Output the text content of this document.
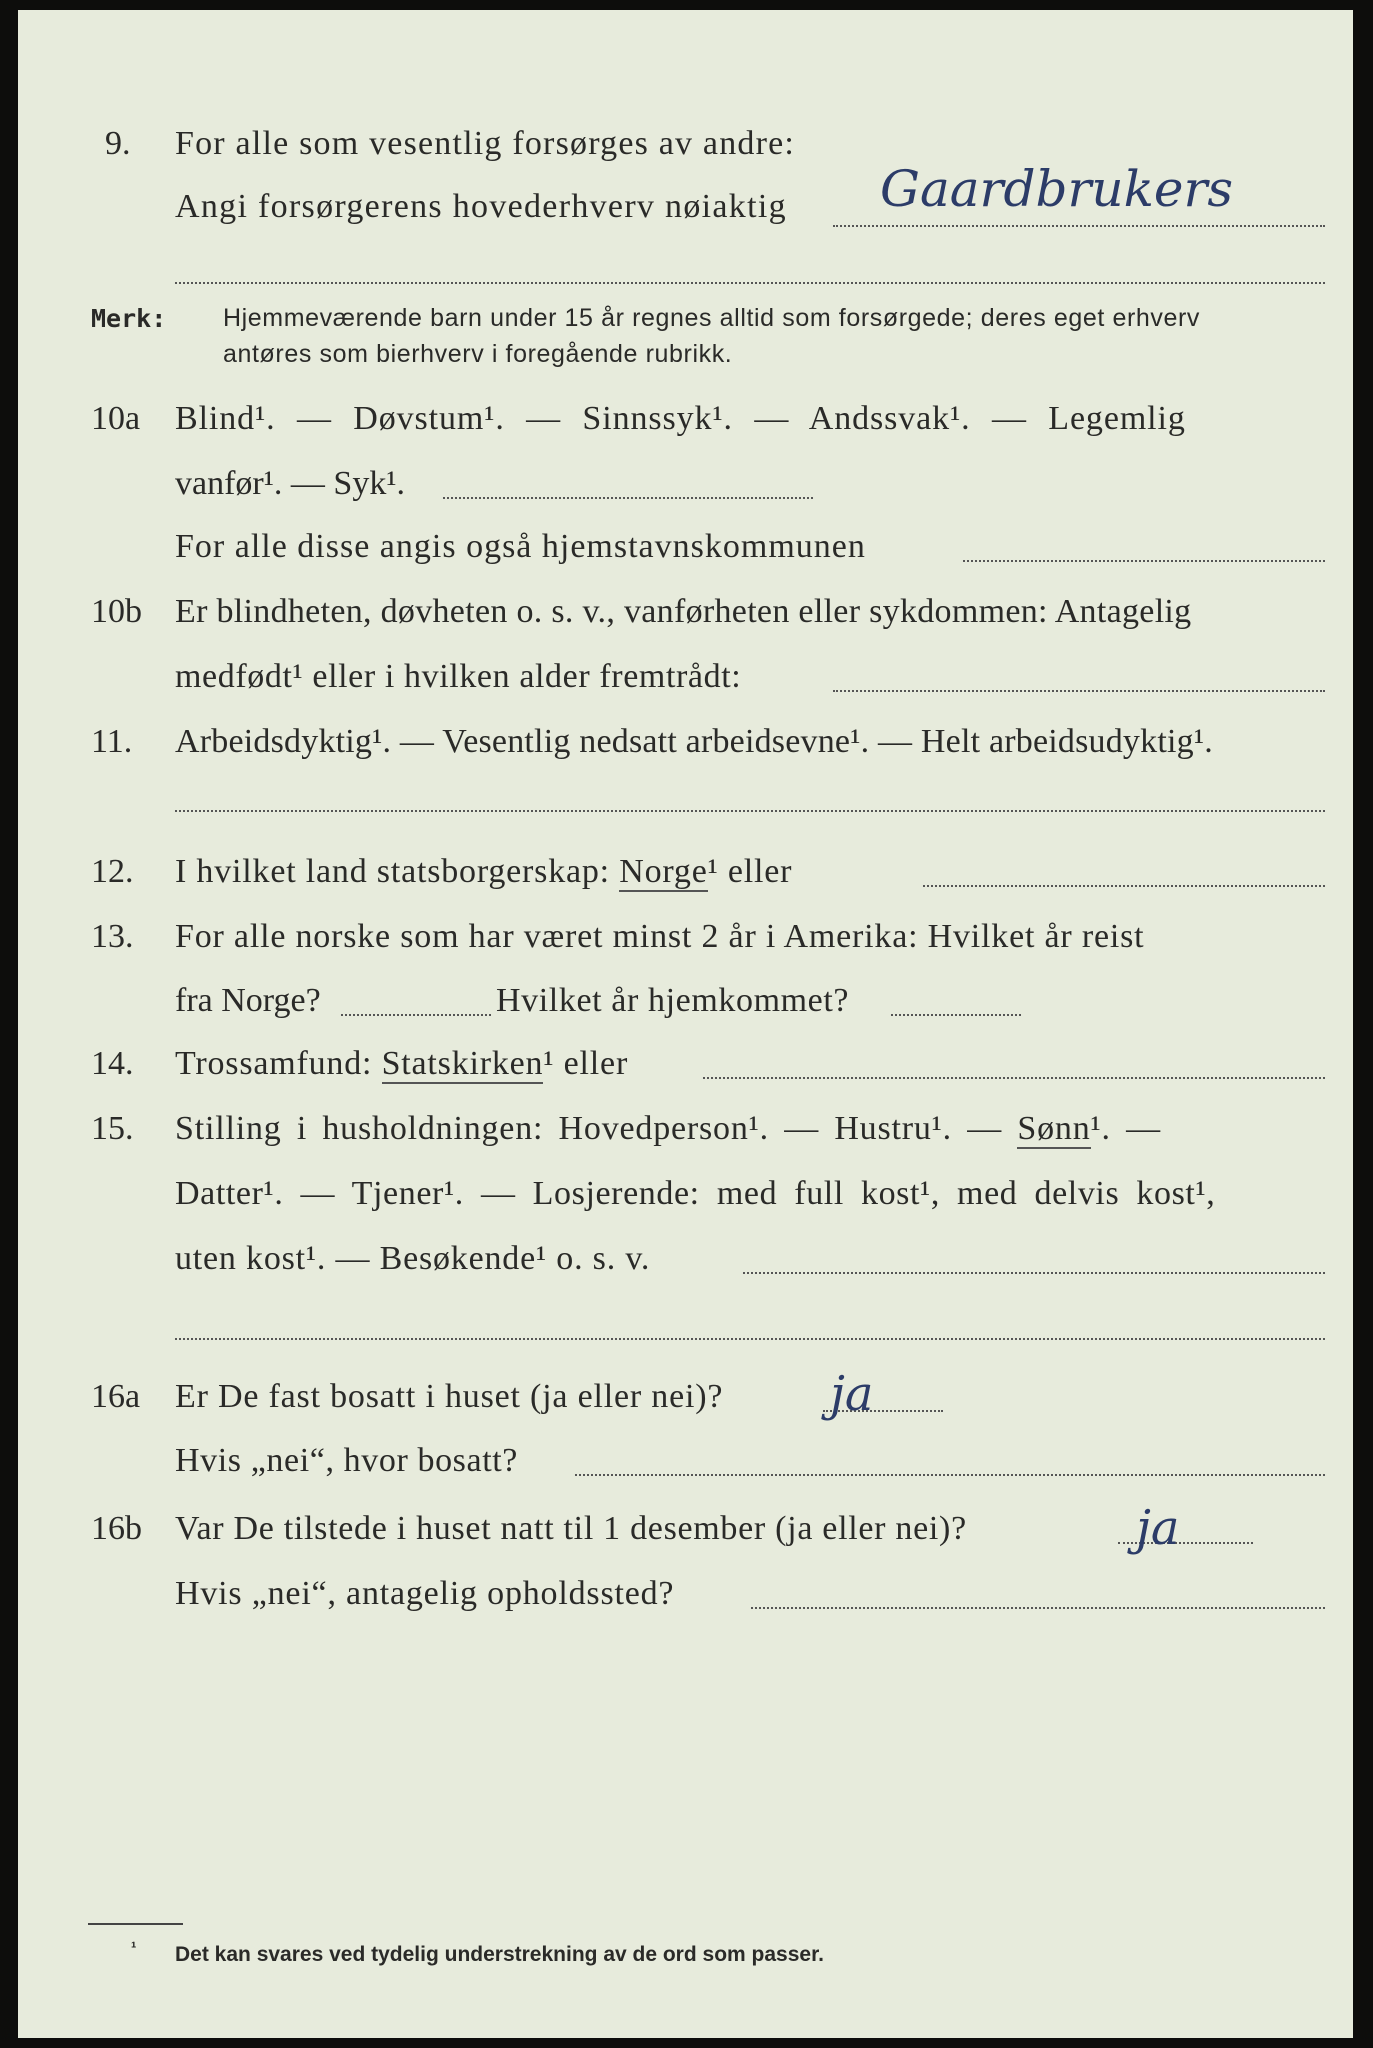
9. For alle som vesentlig forsørges av andre:
Angi forsørgerens hovederhverv nøiaktig Gaardbrukers
Merk: Hjemmeværende barn under 15 år regnes alltid som forsørgede; deres eget erhverv
antøres som bierhverv i foregående rubrikk.
10a Blind¹. — Døvstum¹. — Sinnssyk¹. — Andssvak¹. — Legemlig
vanfør¹. — Syk¹.
For alle disse angis også hjemstavnskommunen
10b Er blindheten, døvheten o. s. v., vanførheten eller sykdommen: Antagelig
medfødt¹ eller i hvilken alder fremtrådt:
11. Arbeidsdyktig¹. — Vesentlig nedsatt arbeidsevne¹. — Helt arbeidsudyktig¹.
12. I hvilket land statsborgerskap: Norge¹ eller
13. For alle norske som har været minst 2 år i Amerika: Hvilket år reist
fra Norge?	Hvilket år hjemkommet?
14. Trossamfund: Statskirken¹ eller
15. Stilling i husholdningen: Hovedperson¹. — Hustru¹. — Sønn¹. —
Datter¹. — Tjener¹. — Losjerende: med full kost¹, med delvis kost¹,
uten kost¹. — Besøkende¹ o. s. v.
16a Er De fast bosatt i huset (ja eller nei)? ja
Hvis „nei“, hvor bosatt?
16b Var De tilstede i huset natt til 1 desember (ja eller nei)?	ja
Hvis „nei“, antagelig opholdssted?
¹ Det kan svares ved tydelig understrekning av de ord som passer.
